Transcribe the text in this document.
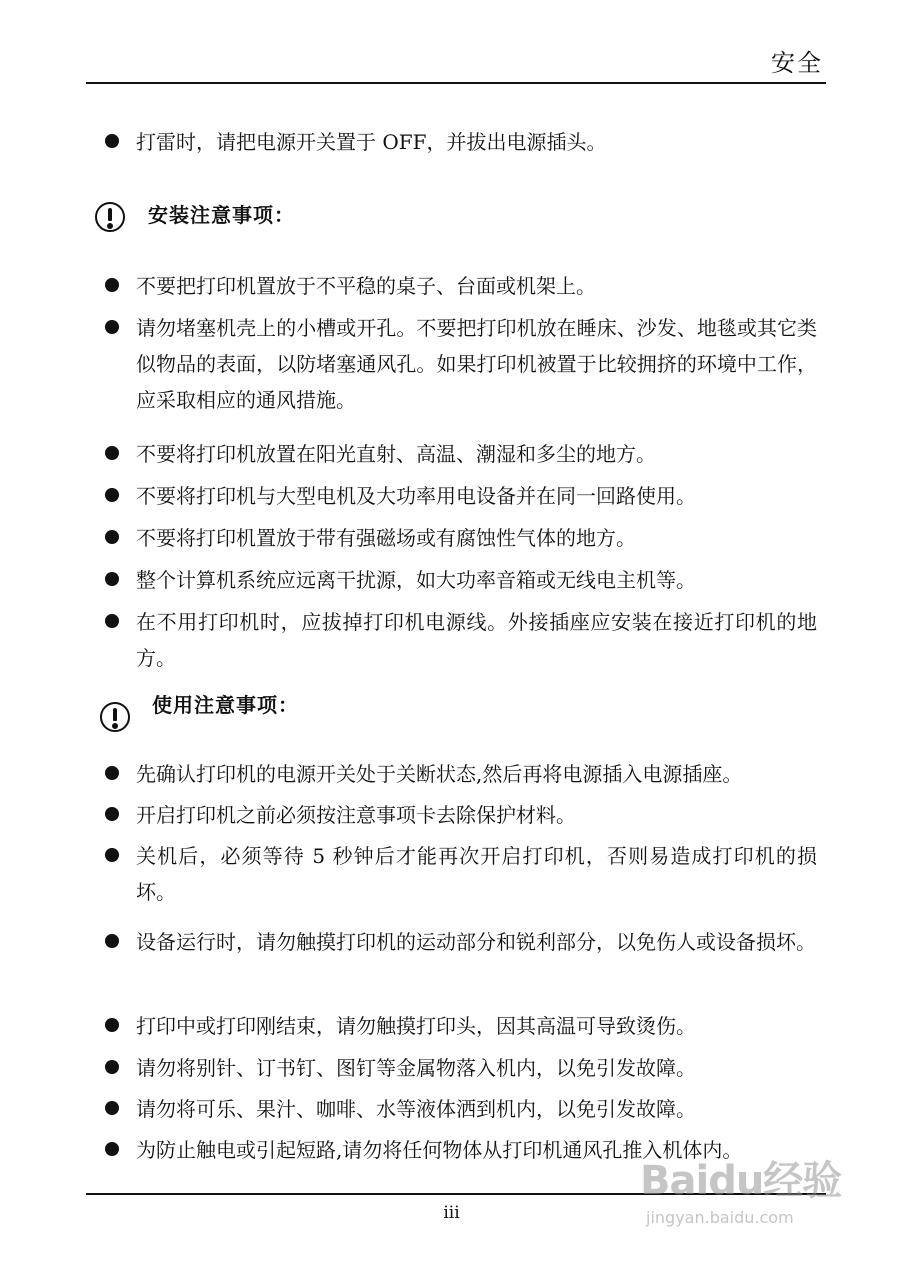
安全
打雷时，请把电源开关置于 OFF，并拔出电源插头。
安装注意事项：
不要把打印机置放于不平稳的桌子、台面或机架上。
请勿堵塞机壳上的小槽或开孔。不要把打印机放在睡床、沙发、地毯或其它类似物品的表面，以防堵塞通风孔。如果打印机被置于比较拥挤的环境中工作，应采取相应的通风措施。
不要将打印机放置在阳光直射、高温、潮湿和多尘的地方。
不要将打印机与大型电机及大功率用电设备并在同一回路使用。
不要将打印机置放于带有强磁场或有腐蚀性气体的地方。
整个计算机系统应远离干扰源，如大功率音箱或无线电主机等。
在不用打印机时，应拔掉打印机电源线。外接插座应安装在接近打印机的地方。
使用注意事项：
先确认打印机的电源开关处于关断状态,然后再将电源插入电源插座。
开启打印机之前必须按注意事项卡去除保护材料。
关机后，必须等待 5 秒钟后才能再次开启打印机，否则易造成打印机的损坏。
设备运行时，请勿触摸打印机的运动部分和锐利部分，以免伤人或设备损坏。
打印中或打印刚结束，请勿触摸打印头，因其高温可导致烫伤。
请勿将别针、订书钉、图钉等金属物落入机内，以免引发故障。
请勿将可乐、果汁、咖啡、水等液体洒到机内，以免引发故障。
为防止触电或引起短路,请勿将任何物体从打印机通风孔推入机体内。
iii
Baidu经验
jingyan.baidu.com
